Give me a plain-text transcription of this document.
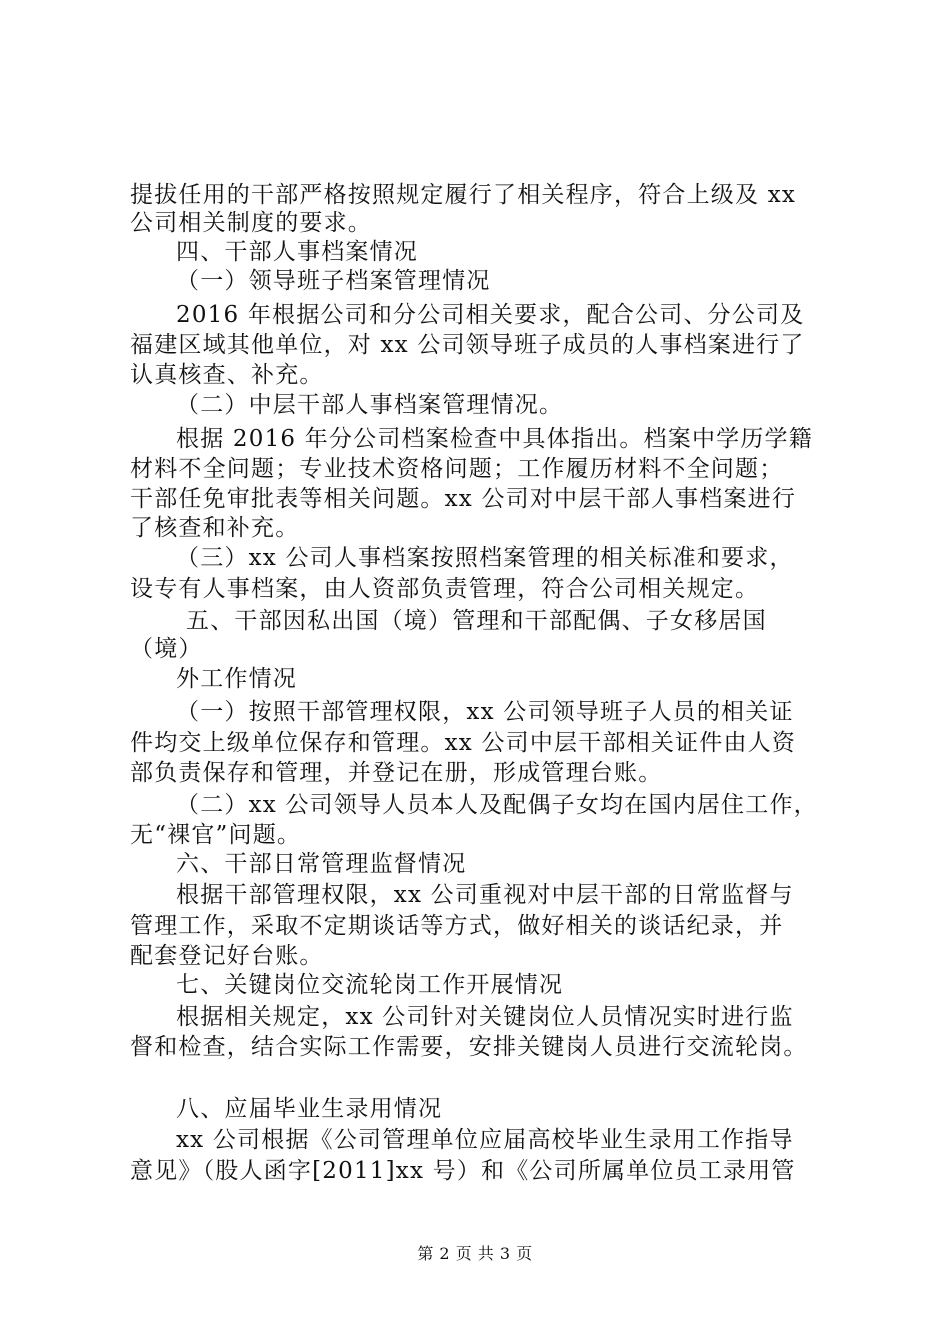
提拔任用的干部严格按照规定履行了相关程序，符合上级及 xx
公司相关制度的要求。
四、干部人事档案情况
（一）领导班子档案管理情况
2016 年根据公司和分公司相关要求，配合公司、分公司及
福建区域其他单位，对 xx 公司领导班子成员的人事档案进行了
认真核查、补充。
（二）中层干部人事档案管理情况。
根据 2016 年分公司档案检查中具体指出。档案中学历学籍
材料不全问题；专业技术资格问题；工作履历材料不全问题；
干部任免审批表等相关问题。xx 公司对中层干部人事档案进行
了核查和补充。
（三）xx 公司人事档案按照档案管理的相关标准和要求，
设专有人事档案，由人资部负责管理，符合公司相关规定。
五、干部因私出国（境）管理和干部配偶、子女移居国
（境）
外工作情况
（一）按照干部管理权限，xx 公司领导班子人员的相关证
件均交上级单位保存和管理。xx 公司中层干部相关证件由人资
部负责保存和管理，并登记在册，形成管理台账。
（二）xx 公司领导人员本人及配偶子女均在国内居住工作，
无“裸官”问题。
六、干部日常管理监督情况
根据干部管理权限，xx 公司重视对中层干部的日常监督与
管理工作，采取不定期谈话等方式，做好相关的谈话纪录，并
配套登记好台账。
七、关键岗位交流轮岗工作开展情况
根据相关规定，xx 公司针对关键岗位人员情况实时进行监
督和检查，结合实际工作需要，安排关键岗人员进行交流轮岗。
八、应届毕业生录用情况
xx 公司根据《公司管理单位应届高校毕业生录用工作指导
意见》（股人函字[2011]xx 号）和《公司所属单位员工录用管
第 2 页 共 3 页
